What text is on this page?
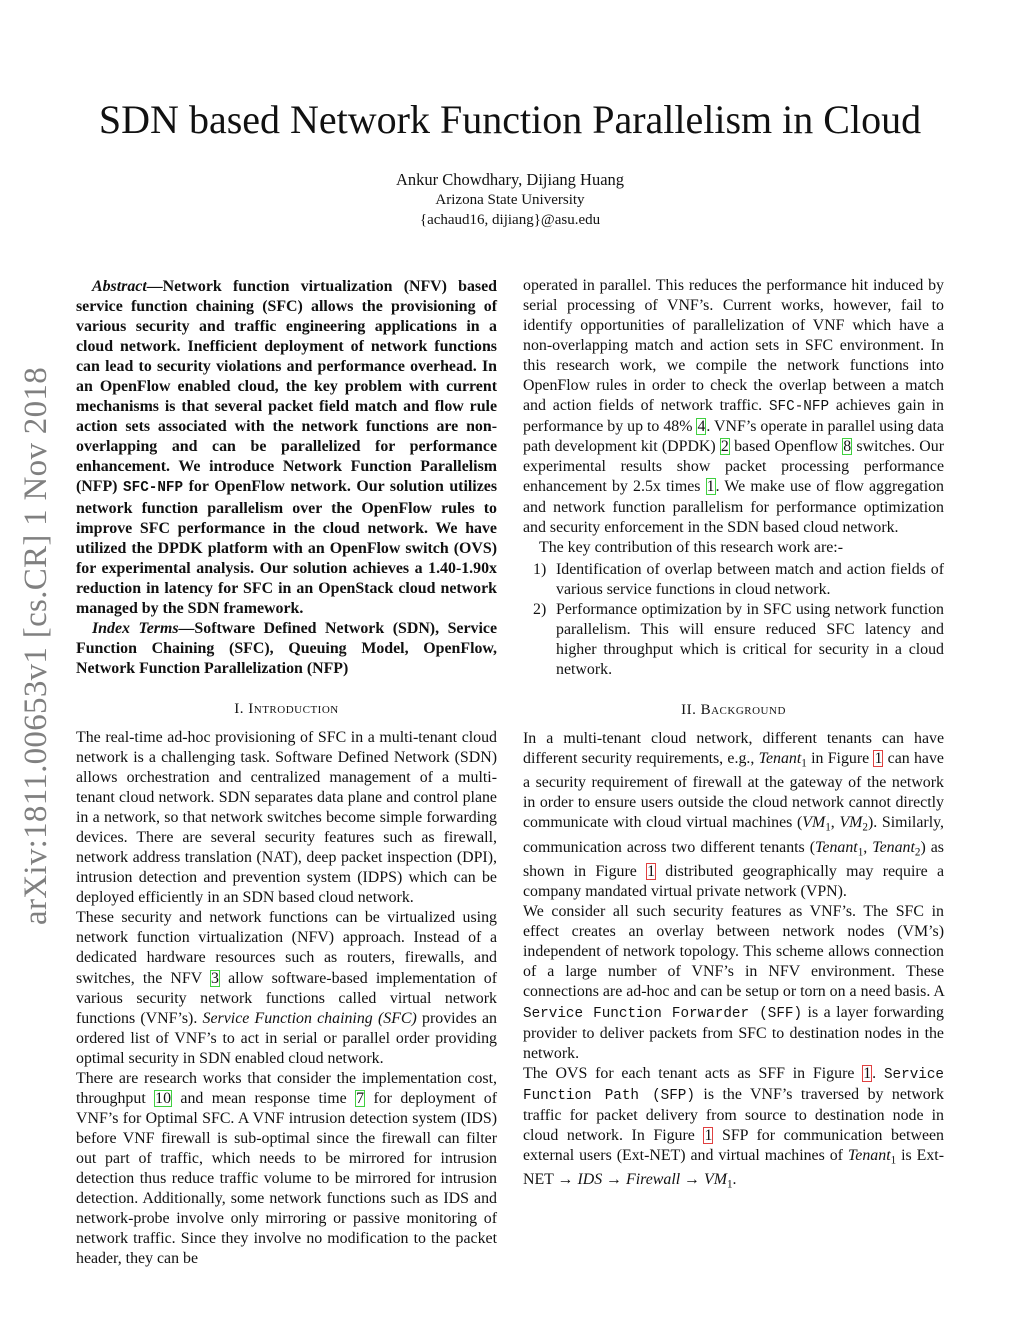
arXiv:1811.00653v1 [cs.CR] 1 Nov 2018
SDN based Network Function Parallelism in Cloud
Ankur Chowdhary, Dijiang Huang
Arizona State University
{achaud16, dijiang}@asu.edu

Abstract—Network function virtualization (NFV) based service function chaining (SFC) allows the provisioning of various security and traffic engineering applications in a cloud network. Inefficient deployment of network functions can lead to security violations and performance overhead. In an OpenFlow enabled cloud, the key problem with current mechanisms is that several packet field match and flow rule action sets associated with the network functions are non-overlapping and can be parallelized for performance enhancement. We introduce Network Function Parallelism (NFP) SFC-NFP for OpenFlow network. Our solution utilizes network function parallelism over the OpenFlow rules to improve SFC performance in the cloud network. We have utilized the DPDK platform with an OpenFlow switch (OVS) for experimental analysis. Our solution achieves a 1.40-1.90x reduction in latency for SFC in an OpenStack cloud network managed by the SDN framework.

Index Terms—Software Defined Network (SDN), Service Function Chaining (SFC), Queuing Model, OpenFlow, Network Function Parallelization (NFP)

I. Introduction

The real-time ad-hoc provisioning of SFC in a multi-tenant cloud network is a challenging task. Software Defined Network (SDN) allows orchestration and centralized management of a multi-tenant cloud network. SDN separates data plane and control plane in a network, so that network switches become simple forwarding devices. There are several security features such as firewall, network address translation (NAT), deep packet inspection (DPI), intrusion detection and prevention system (IDPS) which can be deployed efficiently in an SDN based cloud network.

These security and network functions can be virtualized using network function virtualization (NFV) approach. Instead of a dedicated hardware resources such as routers, firewalls, and switches, the NFV 3 allow software-based implementation of various security network functions called virtual network functions (VNF’s). Service Function chaining (SFC) provides an ordered list of VNF’s to act in serial or parallel order providing optimal security in SDN enabled cloud network.

There are research works that consider the implementation cost, throughput 10 and mean response time 7 for deployment of VNF’s for Optimal SFC. A VNF intrusion detection system (IDS) before VNF firewall is sub-optimal since the firewall can filter out part of traffic, which needs to be mirrored for intrusion detection thus reduce traffic volume to be mirrored for intrusion detection. Additionally, some network functions such as IDS and network-probe involve only mirroring or passive monitoring of network traffic. Since they involve no modification to the packet header, they can be

operated in parallel. This reduces the performance hit induced by serial processing of VNF’s. Current works, however, fail to identify opportunities of parallelization of VNF which have a non-overlapping match and action sets in SFC environment. In this research work, we compile the network functions into OpenFlow rules in order to check the overlap between a match and action fields of network traffic. SFC-NFP achieves gain in performance by up to 48% 4. VNF’s operate in parallel using data path development kit (DPDK) 2 based Openflow 8 switches. Our experimental results show packet processing performance enhancement by 2.5x times 1. We make use of flow aggregation and network function parallelism for performance optimization and security enforcement in the SDN based cloud network.

The key contribution of this research work are:-

1) Identification of overlap between match and action fields of various service functions in cloud network.
2) Performance optimization by in SFC using network function parallelism. This will ensure reduced SFC latency and higher throughput which is critical for security in a cloud network.
II. Background

In a multi-tenant cloud network, different tenants can have different security requirements, e.g., Tenant$_1$ in Figure 1 can have a security requirement of firewall at the gateway of the network in order to ensure users outside the cloud network cannot directly communicate with cloud virtual machines ($VM_1$, $VM_2$). Similarly, communication across two different tenants (Tenant$_1$, Tenant$_2$) as shown in Figure 1 distributed geographically may require a company mandated virtual private network (VPN).

We consider all such security features as VNF’s. The SFC in effect creates an overlay between network nodes (VM’s) independent of network topology. This scheme allows connection of a large number of VNF’s in NFV environment. These connections are ad-hoc and can be setup or torn on a need basis. A Service Function Forwarder (SFF) is a layer forwarding provider to deliver packets from SFC to destination nodes in the network.

The OVS for each tenant acts as SFF in Figure 1. Service Function Path (SFP) is the VNF’s traversed by network traffic for packet delivery from source to destination node in cloud network. In Figure 1 SFP for communication between external users (Ext-NET) and virtual machines of Tenant$_1$ is Ext-NET → IDS → Firewall → $VM_1$.
